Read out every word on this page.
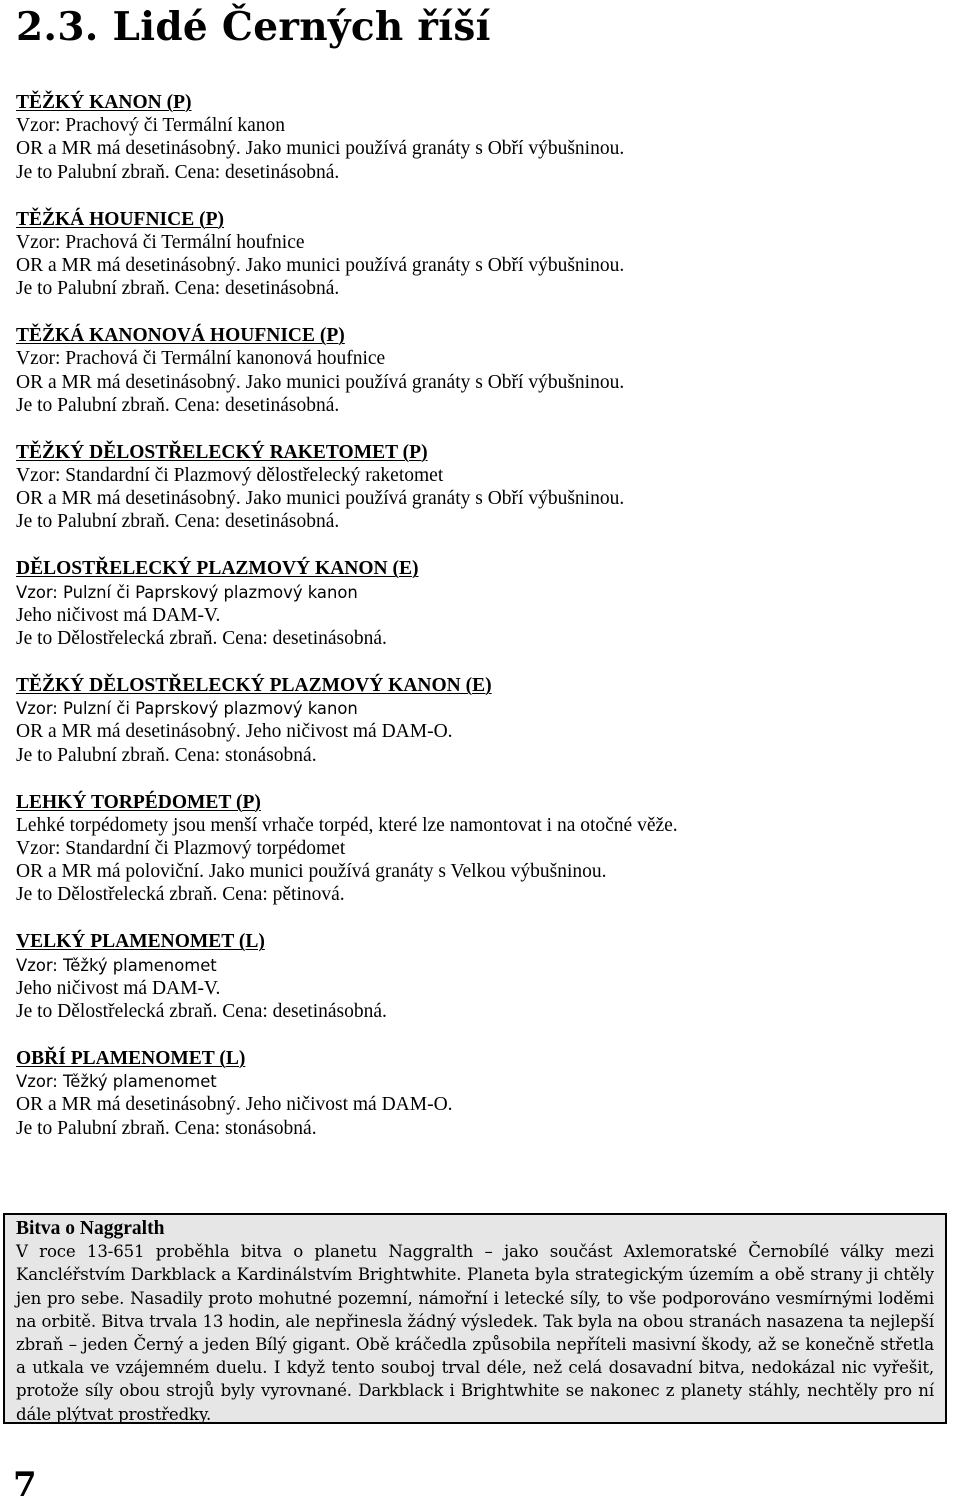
2.3. Lidé Černých říší
TĚŽKÝ KANON (P)
Vzor: Prachový či Termální kanon
OR a MR má desetinásobný. Jako munici používá granáty s Obří výbušninou.
Je to Palubní zbraň. Cena: desetinásobná.
TĚŽKÁ HOUFNICE (P)
Vzor: Prachová či Termální houfnice
OR a MR má desetinásobný. Jako munici používá granáty s Obří výbušninou.
Je to Palubní zbraň. Cena: desetinásobná.
TĚŽKÁ KANONOVÁ HOUFNICE (P)
Vzor: Prachová či Termální kanonová houfnice
OR a MR má desetinásobný. Jako munici používá granáty s Obří výbušninou.
Je to Palubní zbraň. Cena: desetinásobná.
TĚŽKÝ DĚLOSTŘELECKÝ RAKETOMET (P)
Vzor: Standardní či Plazmový dělostřelecký raketomet
OR a MR má desetinásobný. Jako munici používá granáty s Obří výbušninou.
Je to Palubní zbraň. Cena: desetinásobná.
DĚLOSTŘELECKÝ PLAZMOVÝ KANON (E)
Vzor: Pulzní či Paprskový plazmový kanon
Jeho ničivost má DAM-V.
Je to Dělostřelecká zbraň. Cena: desetinásobná.
TĚŽKÝ DĚLOSTŘELECKÝ PLAZMOVÝ KANON (E)
Vzor: Pulzní či Paprskový plazmový kanon
OR a MR má desetinásobný. Jeho ničivost má DAM-O.
Je to Palubní zbraň. Cena: stonásobná.
LEHKÝ TORPÉDOMET (P)
Lehké torpédomety jsou menší vrhače torpéd, které lze namontovat i na otočné věže.
Vzor: Standardní či Plazmový torpédomet
OR a MR má poloviční. Jako munici používá granáty s Velkou výbušninou.
Je to Dělostřelecká zbraň. Cena: pětinová.
VELKÝ PLAMENOMET (L)
Vzor: Těžký plamenomet
Jeho ničivost má DAM-V.
Je to Dělostřelecká zbraň. Cena: desetinásobná.
OBŘÍ PLAMENOMET (L)
Vzor: Těžký plamenomet
OR a MR má desetinásobný. Jeho ničivost má DAM-O.
Je to Palubní zbraň. Cena: stonásobná.
Bitva o Naggralth

V roce 13-651 proběhla bitva o planetu Naggralth – jako součást Axlemoratské Černobílé války mezi Kancléřstvím Darkblack a Kardinálstvím Brightwhite. Planeta byla strategickým územím a obě strany ji chtěly jen pro sebe. Nasadily proto mohutné pozemní, námořní i letecké síly, to vše podporováno vesmírnými loděmi na orbitě. Bitva trvala 13 hodin, ale nepřinesla žádný výsledek. Tak byla na obou stranách nasazena ta nejlepší zbraň – jeden Černý a jeden Bílý gigant. Obě kráčedla způsobila nepříteli masivní škody, až se konečně střetla a utkala ve vzájemném duelu. I když tento souboj trval déle, než celá dosavadní bitva, nedokázal nic vyřešit, protože síly obou strojů byly vyrovnané. Darkblack i Brightwhite se nakonec z planety stáhly, nechtěly pro ní dále plýtvat prostředky.

7
